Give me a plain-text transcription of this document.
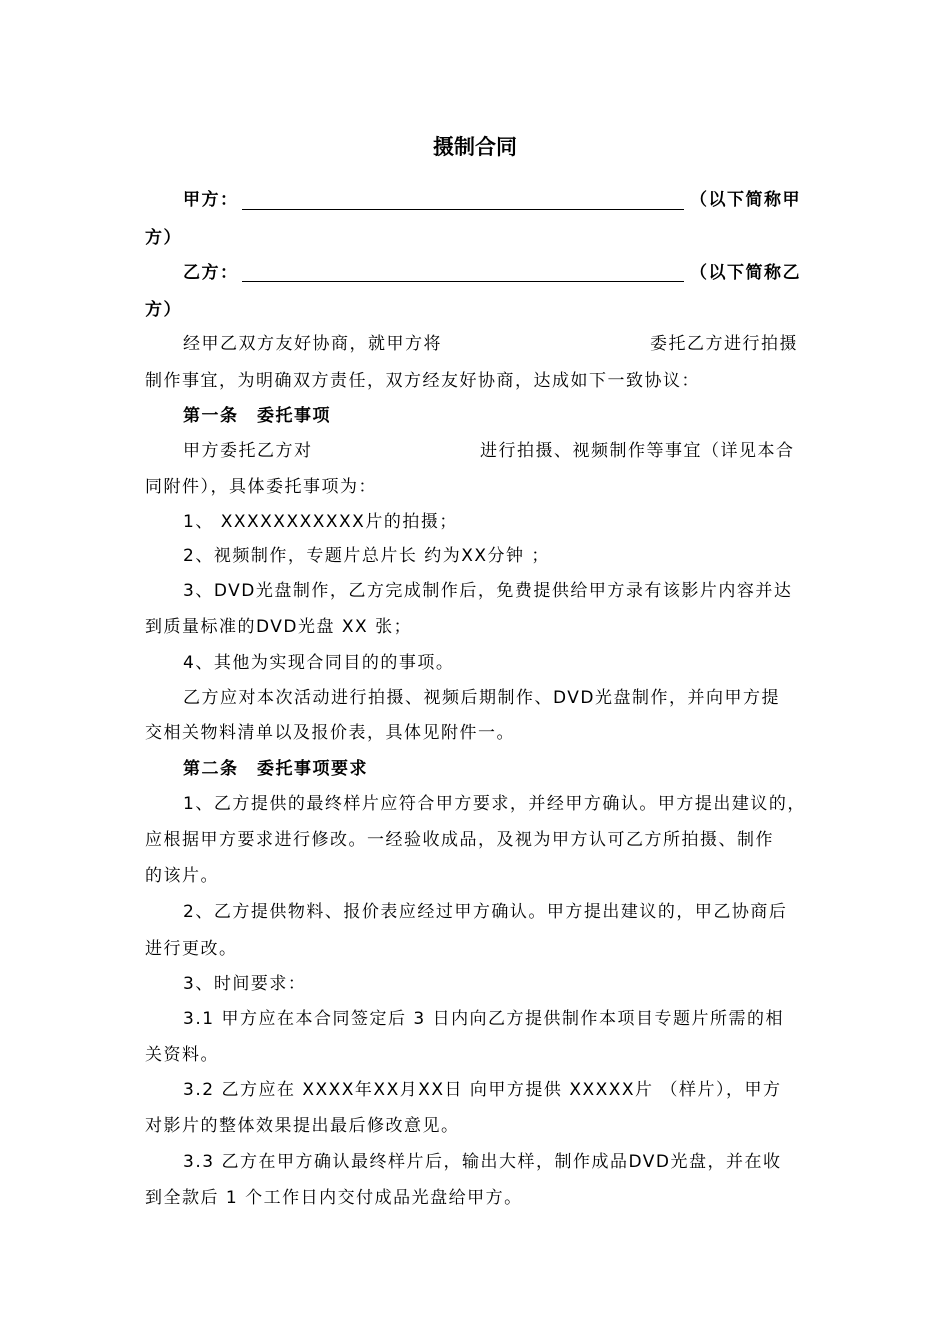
摄制合同
甲方：	（以下简称甲
方）
乙方：	（以下简称乙
方）
经甲乙双方友好协商，就甲方将	委托乙方进行拍摄
制作事宜，为明确双方责任，双方经友好协商，达成如下一致协议：
第一条　委托事项
甲方委托乙方对	进行拍摄、视频制作等事宜（详见本合
同附件），具体委托事项为：
1、 XXXXXXXXXXX片的拍摄；
2、视频制作，专题片总片长 约为XX分钟 ；
3、DVD光盘制作，乙方完成制作后，免费提供给甲方录有该影片内容并达
到质量标准的DVD光盘 XX 张；
4、其他为实现合同目的的事项。
乙方应对本次活动进行拍摄、视频后期制作、DVD光盘制作，并向甲方提
交相关物料清单以及报价表，具体见附件一。
第二条　委托事项要求
1、乙方提供的最终样片应符合甲方要求，并经甲方确认。甲方提出建议的，
应根据甲方要求进行修改。一经验收成品，及视为甲方认可乙方所拍摄、制作
的该片。
2、乙方提供物料、报价表应经过甲方确认。甲方提出建议的，甲乙协商后
进行更改。
3、时间要求：
3.1 甲方应在本合同签定后 3 日内向乙方提供制作本项目专题片所需的相
关资料。
3.2 乙方应在 XXXX年XX月XX日 向甲方提供 XXXXX片 （样片），甲方
对影片的整体效果提出最后修改意见。
3.3 乙方在甲方确认最终样片后，输出大样，制作成品DVD光盘，并在收
到全款后 1 个工作日内交付成品光盘给甲方。
